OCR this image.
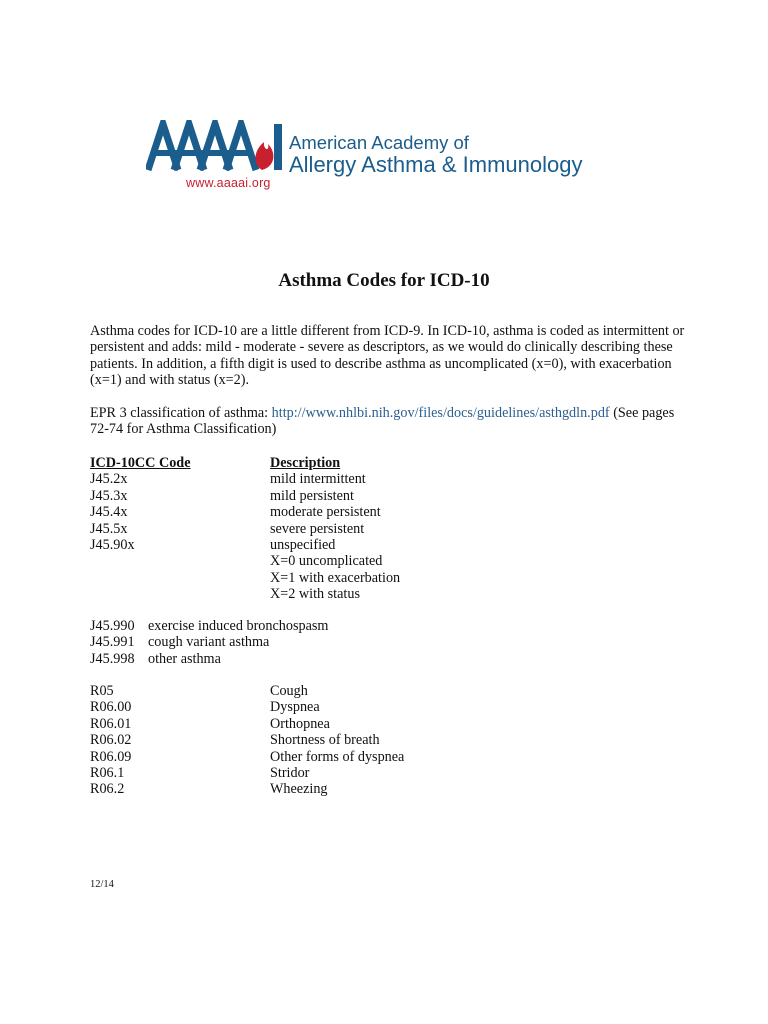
American Academy of
Allergy Asthma & Immunology
www.aaaai.org
Asthma Codes for ICD-10
Asthma codes for ICD-10 are a little different from ICD-9. In ICD-10, asthma is coded as intermittent or persistent and adds: mild - moderate - severe as descriptors, as we would do clinically describing these patients. In addition, a fifth digit is used to describe asthma as uncomplicated (x=0), with exacerbation (x=1) and with status (x=2).
EPR 3 classification of asthma: http://www.nhlbi.nih.gov/files/docs/guidelines/asthgdln.pdf (See pages 72-74 for Asthma Classification)
ICD-10CC Code	Description
J45.2x	mild intermittent
J45.3x	mild persistent
J45.4x	moderate persistent
J45.5x	severe persistent
J45.90x	unspecified
X=0 uncomplicated
X=1 with exacerbation
X=2 with status
J45.990 exercise induced bronchospasm
J45.991 cough variant asthma
J45.998 other asthma
R05	Cough
R06.00	Dyspnea
R06.01	Orthopnea
R06.02	Shortness of breath
R06.09	Other forms of dyspnea
R06.1	Stridor
R06.2	Wheezing
12/14
